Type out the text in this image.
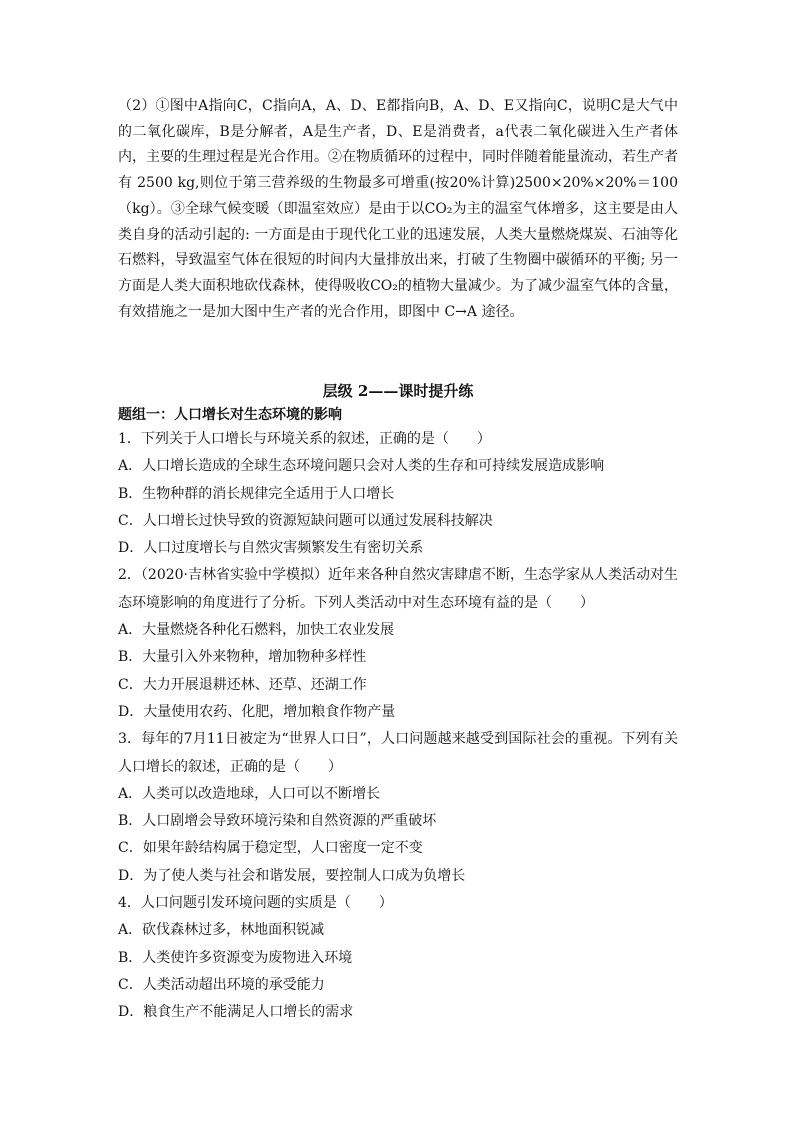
（2）①图中A指向C，C指向A，A、D、E都指向B，A、D、E又指向C，说明C是大气中的二氧化碳库，B是分解者，A是生产者，D、E是消费者，a代表二氧化碳进入生产者体内，主要的生理过程是光合作用。②在物质循环的过程中，同时伴随着能量流动，若生产者有 2500 kg,则位于第三营养级的生物最多可增重(按20%计算)2500×20%×20%＝100（kg）。③全球气候变暖（即温室效应）是由于以CO₂为主的温室气体增多，这主要是由人类自身的活动引起的: 一方面是由于现代化工业的迅速发展，人类大量燃烧煤炭、石油等化石燃料，导致温室气体在很短的时间内大量排放出来，打破了生物圈中碳循环的平衡; 另一方面是人类大面积地砍伐森林，使得吸收CO₂的植物大量减少。为了减少温室气体的含量，有效措施之一是加大图中生产者的光合作用，即图中 C→A 途径。
层级 2——课时提升练
题组一：人口增长对生态环境的影响
1．下列关于人口增长与环境关系的叙述，正确的是（　　）
A．人口增长造成的全球生态环境问题只会对人类的生存和可持续发展造成影响
B．生物种群的消长规律完全适用于人口增长
C．人口增长过快导致的资源短缺问题可以通过发展科技解决
D．人口过度增长与自然灾害频繁发生有密切关系
2．（2020·吉林省实验中学模拟）近年来各种自然灾害肆虐不断，生态学家从人类活动对生态环境影响的角度进行了分析。下列人类活动中对生态环境有益的是（　　）
A．大量燃烧各种化石燃料，加快工农业发展
B．大量引入外来物种，增加物种多样性
C．大力开展退耕还林、还草、还湖工作
D．大量使用农药、化肥，增加粮食作物产量
3．每年的7月11日被定为“世界人口日”，人口问题越来越受到国际社会的重视。下列有关人口增长的叙述，正确的是（　　）
A．人类可以改造地球，人口可以不断增长
B．人口剧增会导致环境污染和自然资源的严重破坏
C．如果年龄结构属于稳定型，人口密度一定不变
D．为了使人类与社会和谐发展，要控制人口成为负增长
4．人口问题引发环境问题的实质是（　　）
A．砍伐森林过多，林地面积锐减
B．人类使许多资源变为废物进入环境
C．人类活动超出环境的承受能力
D．粮食生产不能满足人口增长的需求
